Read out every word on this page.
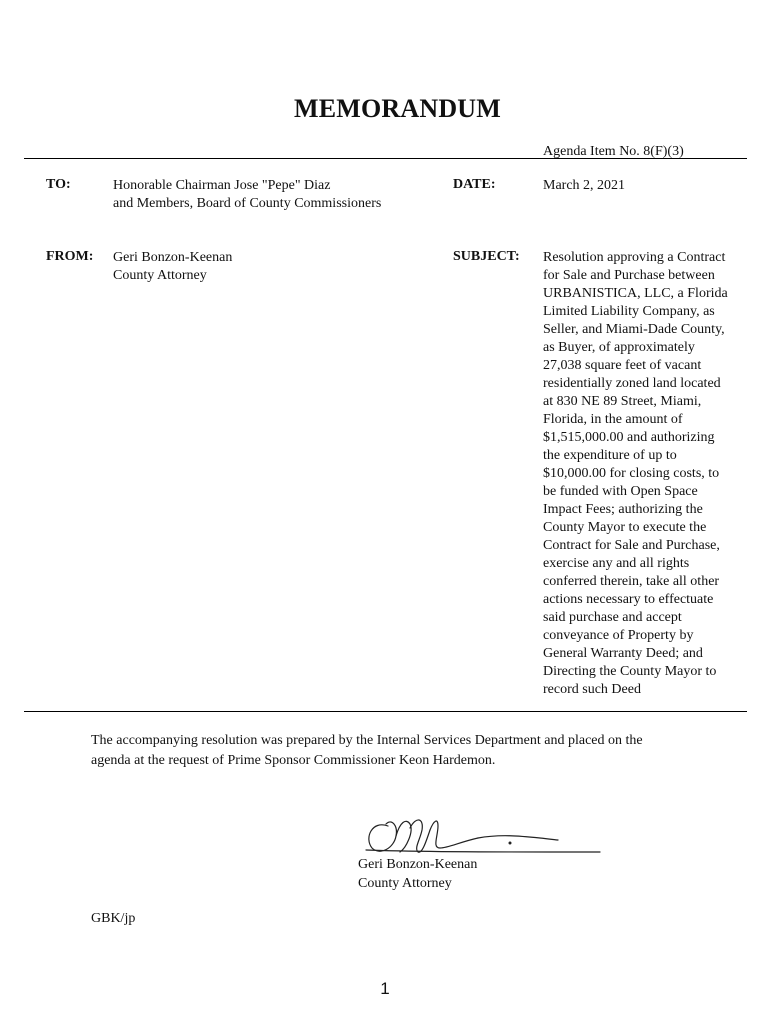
MEMORANDUM
Agenda Item No. 8(F)(3)
TO:	Honorable Chairman Jose "Pepe" Diaz
and Members, Board of County Commissioners
DATE:	March 2, 2021
FROM: Geri Bonzon-Keenan
County Attorney
SUBJECT: Resolution approving a Contract
for Sale and Purchase between
URBANISTICA, LLC, a Florida
Limited Liability Company, as
Seller, and Miami-Dade County,
as Buyer, of approximately
27,038 square feet of vacant
residentially zoned land located
at 830 NE 89 Street, Miami,
Florida, in the amount of
$1,515,000.00 and authorizing
the expenditure of up to
$10,000.00 for closing costs, to
be funded with Open Space
Impact Fees; authorizing the
County Mayor to execute the
Contract for Sale and Purchase,
exercise any and all rights
conferred therein, take all other
actions necessary to effectuate
said purchase and accept
conveyance of Property by
General Warranty Deed; and
Directing the County Mayor to
record such Deed
The accompanying resolution was prepared by the Internal Services Department and placed on the
agenda at the request of Prime Sponsor Commissioner Keon Hardemon.
Geri Bonzon-Keenan
County Attorney
GBK/jp
1
